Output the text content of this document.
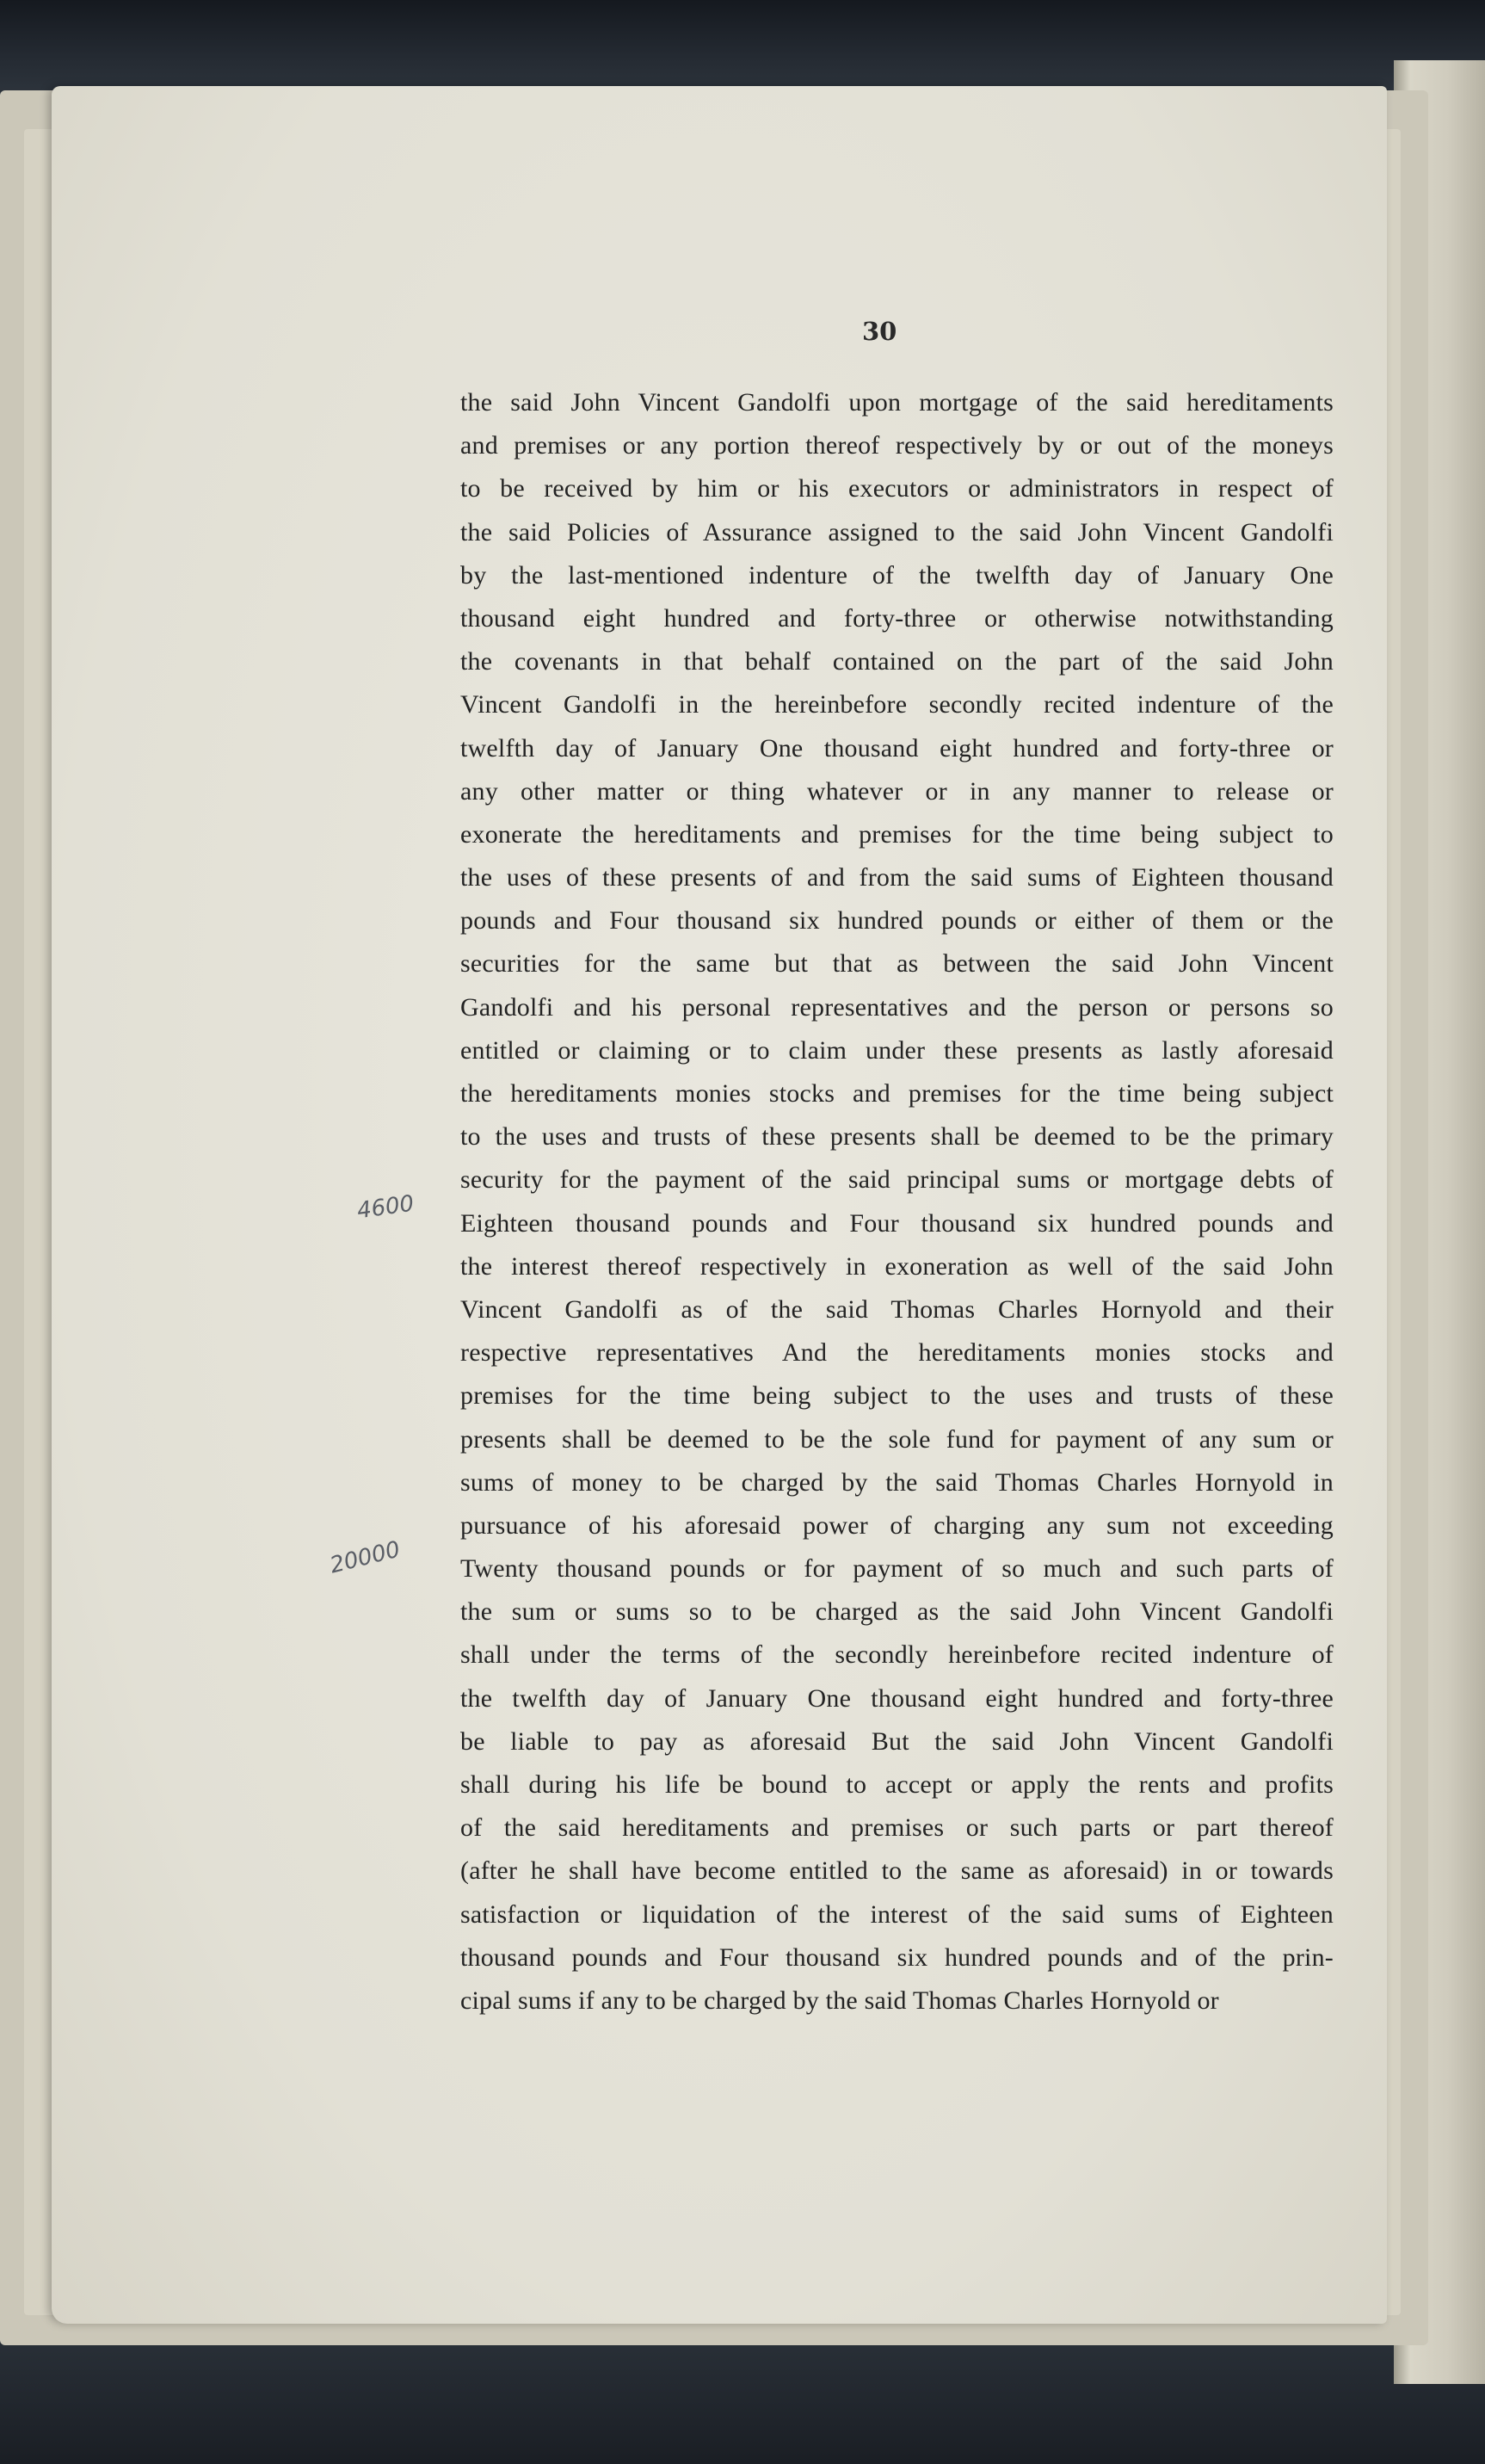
30
4600
20000
the said John Vincent Gandolfi upon mortgage of the said hereditaments
and premises or any portion thereof respectively by or out of the moneys
to be received by him or his executors or administrators in respect of
the said Policies of Assurance assigned to the said John Vincent Gandolfi
by the last-mentioned indenture of the twelfth day of January One
thousand eight hundred and forty-three or otherwise notwithstanding
the covenants in that behalf contained on the part of the said John
Vincent Gandolfi in the hereinbefore secondly recited indenture of the
twelfth day of January One thousand eight hundred and forty-three or
any other matter or thing whatever or in any manner to release or
exonerate the hereditaments and premises for the time being subject to
the uses of these presents of and from the said sums of Eighteen thousand
pounds and Four thousand six hundred pounds or either of them or the
securities for the same but that as between the said John Vincent
Gandolfi and his personal representatives and the person or persons so
entitled or claiming or to claim under these presents as lastly aforesaid
the hereditaments monies stocks and premises for the time being subject
to the uses and trusts of these presents shall be deemed to be the primary
security for the payment of the said principal sums or mortgage debts of
Eighteen thousand pounds and Four thousand six hundred pounds and
the interest thereof respectively in exoneration as well of the said John
Vincent Gandolfi as of the said Thomas Charles Hornyold and their
respective representatives And the hereditaments monies stocks and
premises for the time being subject to the uses and trusts of these
presents shall be deemed to be the sole fund for payment of any sum or
sums of money to be charged by the said Thomas Charles Hornyold in
pursuance of his aforesaid power of charging any sum not exceeding
Twenty thousand pounds or for payment of so much and such parts of
the sum or sums so to be charged as the said John Vincent Gandolfi
shall under the terms of the secondly hereinbefore recited indenture of
the twelfth day of January One thousand eight hundred and forty-three
be liable to pay as aforesaid But the said John Vincent Gandolfi
shall during his life be bound to accept or apply the rents and profits
of the said hereditaments and premises or such parts or part thereof
(after he shall have become entitled to the same as aforesaid) in or towards
satisfaction or liquidation of the interest of the said sums of Eighteen
thousand pounds and Four thousand six hundred pounds and of the prin-
cipal sums if any to be charged by the said Thomas Charles Hornyold or
